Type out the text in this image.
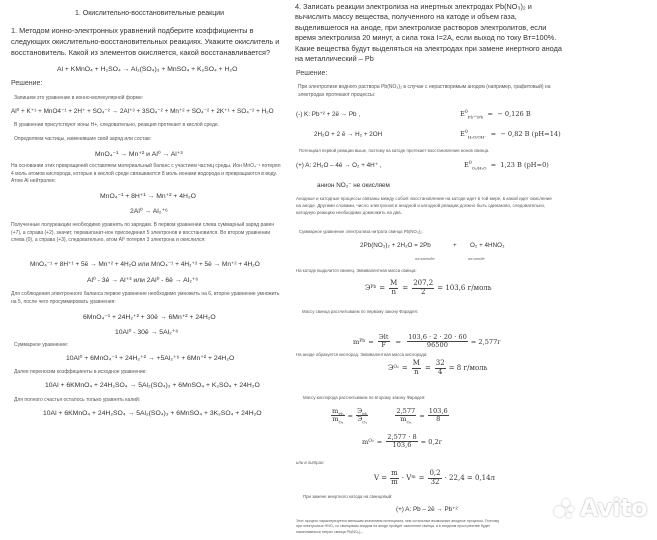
1. Окислительно-восстановительные реакции
1. Методом ионно-электронных уравнений подберите коэффициенты в следующих окислительно-восстановительных реакциях. Укажите окислитель и восстановитель. Какой из элементов окисляется, какой восстанавливается?
Al + KMnO₄ + H₂SO₄ → Al₂(SO₄)₃ + MnSO₄ + K₂SO₄ + H₂O
Решение:
Запишем это уравнение в ионно-молекулярной форме:
Al⁰ + K⁺¹ + MnO4⁻¹ + 2H⁺ + SO₄⁻² → 2Al⁺³ + 3SO₄⁻² + Mn⁺² + SO₄⁻² + 2K⁺¹ + SO₄⁻² + H₂O
В уравнении присутствуют ионы H+, следовательно, реакция протекает в кислой среде.
Определяем частицы, изменившие свой заряд или состав:
MnO₄⁻¹ → Mn⁺² и Al⁰ → Al⁺³
На основании этих превращений составляем материальный баланс с участием частиц среды. Ион MnO₄⁻¹ потерял 4 моль атомов кислорода, которые в кислой среде связываются 8 моль ионами водорода и превращаются в воду. Атом Al нейтрален:
MnO₄⁻¹ + 8H⁺¹ → Mn⁺² + 4H₂O
2Al⁰ → Al₂⁺⁶
Полученные полуреакции необходимо уравнять по зарядам. В первом уравнении слева суммарный заряд равен (+7), а справа (+2), значит, перманганат-ион присоединил 5 электронов и восстановился. Во втором уравнении слева (0), а справа (+3), следовательно, атом Al⁰ потерял 3 электрона и окислился:
MnO₄⁻¹ + 8H⁺¹ + 5ē → Mn⁺² + 4H₂O или MnO₄⁻¹ + 4H₂⁺² + 5ē → Mn⁺² + 4H₂O
Al⁰ - 3ē → Al⁺³ или 2Al⁰ - 6ē → Al₂⁺⁶
Для соблюдения электронного баланса первое уравнение необходимо умножить на 6, второе уравнение умножить на 5, после чего просуммировать уравнения:
6MnO₄⁻¹ + 24H₂⁺² + 30ē → 6Mn⁺² + 24H₂O
10Al⁰ - 30ē → 5Al₂⁺⁶
Суммарное уравнение:
10Al⁰ + 6MnO₄⁻¹ + 24H₂⁺² → +5Al₂⁺⁶ + 6Mn⁺² + 24H₂O
Далее переносим коэффициенты в исходное уравнение:
10Al + 6KMnO₄ + 24H₂SO₄ → 5Al₂(SO₄)₃ + 6MnSO₄ + K₂SO₄ + 24H₂O
Для полного счастья осталось только уравнять калий:
10Al + 6KMnO₄ + 24H₂SO₄ → 5Al₂(SO₄)₃ + 6MnSO₄ + 3K₂SO₄ + 24H₂O
4. Записать реакции электролиза на инертных электродах Pb(NO₃)₂ и вычислить массу вещества, полученного на катоде и объем газа, выделившегося на аноде, при электролизе растворов электролитов, если время электролиза 20 минут, а сила тока I=2A, если выход по току Bт=100%. Какие вещества будут выделяться на электродах при замене инертного анода на металлический – Pb
Решение:
При электролизе водного раствора Pb(NO₃)₂ в случае с нерастворимым анодом (например, графитовый) на электродах протекают процессы:
(-) K: Pb⁺² + 2ē → Pb ,	$E^0_{Pb^{+2}/Pb}$  =  − 0,126 B
2H₂O + 2 ē → H₂ + 2OH	$E^0_{H_2O/OH^-}$  =  − 0,82 B (pH=14)
Потенциал первой реакции выше, поэтому на катоде протекает восстановление ионов свинца.
(+) A: 2H₂O – 4ē → O₂ + 4H⁺ ,	$E^0_{O_2/H_2O} = 1,23$ B (pH=0)
анион NO₃⁻ не окисляем
Анодные и катодные процессы связаны между собой: восстановление на катоде идет в той мере, в какой идет окисление на аноде. Другими словами, число электронов в анодной и катодной реакции должно быть одинаково, следовательно, катодную реакцию необходимо домножить на два.
Суммарное уравнение электролиза нитрата свинца Pb(NO₃)₂:
2Pb(NO₃)₂ + 2H₂O = 2Pb	+ O₂ + 4HNO₃
на катоде	на аноде
На катоде выделится свинец. Эквивалентная масса свинца:
Э $Pb = \frac{M}{n} = \frac{207,2}{2} = 103,6$ г/моль
Массу свинца рассчитываем по первому закону Фарадея:
m $Pb = \frac{\text{Эlt}}{F} = \frac{103,6 \cdot 2 \cdot 20 \cdot 60}{96500} = 2,577г$
На аноде образуется кислород. Эквивалентная масса кислорода:
Э $O_2 = \frac{M}{n} = \frac{32}{4} = 8$ г/моль
Массу кислорода рассчитываем по второму закону Фарадея:
$\frac{m_{Pb}}{m_{O_2}} = \frac{Э_{Pb}}{Э_{O_2}}$	$\frac{2,577}{m_{O_2}} = \frac{103,6}{8}$
m $O_2 = \frac{2,577 \cdot 8}{103,6} = 0,2г$
или в литрах:
$V = \frac{m}{m} \cdot V$ $m = \frac{0,2}{32} \cdot 22,4 = 0,14л$
При замене инертного катода на свинцовый:
(+) A: Pb – 2ē → Pb⁺²
Этот процесс характеризуется меньшим значением потенциала, чем остальные возможные анодные процессы. Поэтому при электролизе HNO₃ со свинцовым анодом на аноде пройдет окисление свинца, а в анодном пространстве будет накапливаться нитрат свинца Pb(NO₃)₂.
Avito
